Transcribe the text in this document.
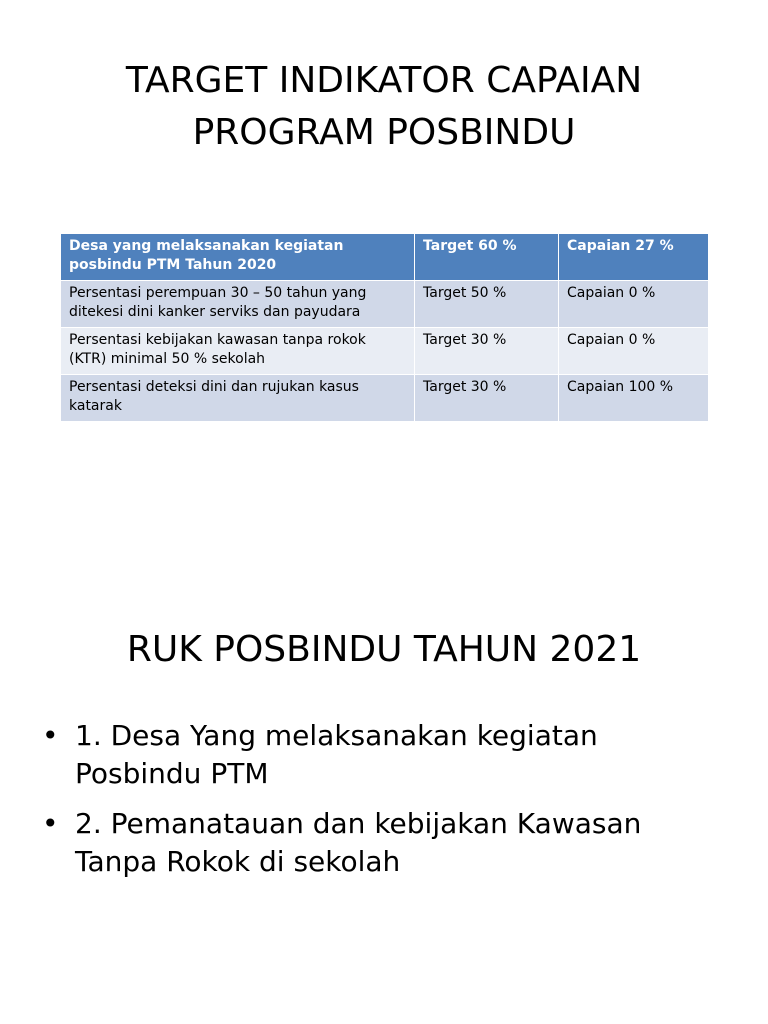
TARGET INDIKATOR CAPAIAN
PROGRAM POSBINDU
Desa yang melaksanakan kegiatan posbindu PTM Tahun 2020	Target 60 %	Capaian 27 %
Persentasi perempuan 30 – 50 tahun yang ditekesi dini kanker serviks dan payudara	Target 50 %	Capaian 0 %
Persentasi kebijakan kawasan tanpa rokok (KTR) minimal 50 % sekolah	Target 30 %	Capaian 0 %
Persentasi deteksi dini dan rujukan kasus katarak	Target 30 %	Capaian 100 %
RUK POSBINDU TAHUN 2021
• 1. Desa Yang melaksanakan kegiatan Posbindu PTM
• 2. Pemanatauan dan kebijakan Kawasan Tanpa Rokok di sekolah
